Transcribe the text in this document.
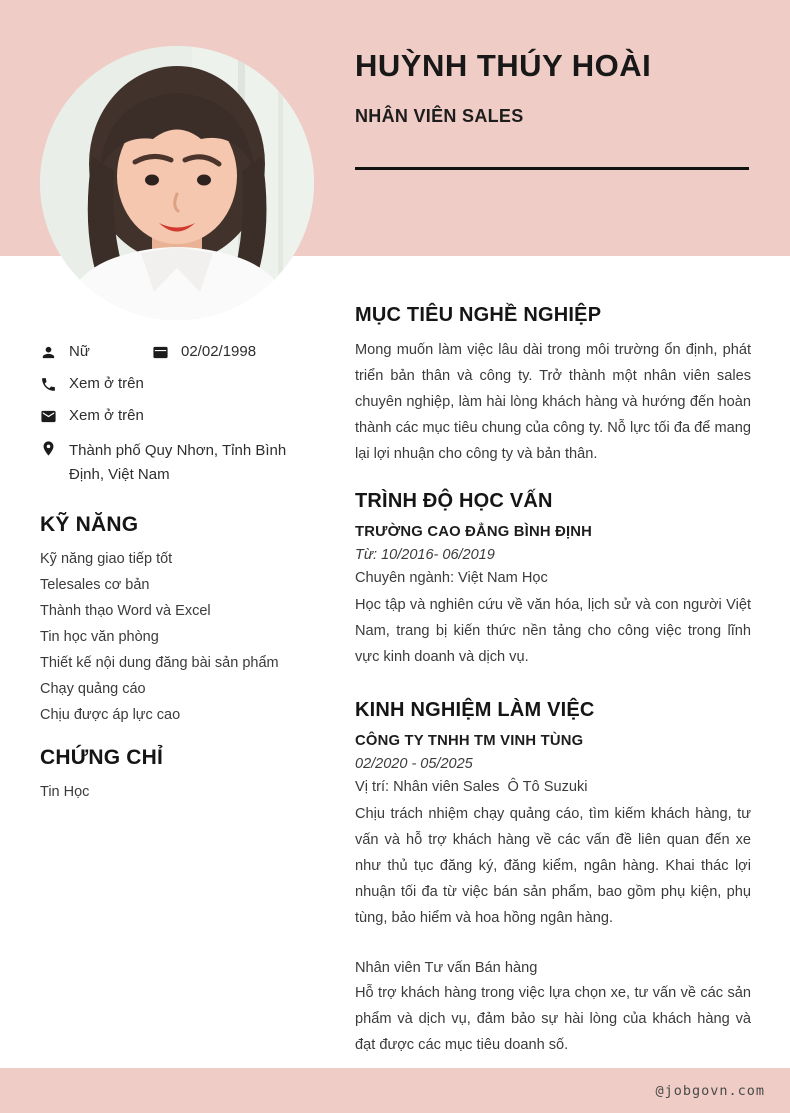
HUỲNH THÚY HOÀI
NHÂN VIÊN SALES
Nữ	02/02/1998
Xem ở trên
Xem ở trên
Thành phố Quy Nhơn, Tỉnh Bình Định, Việt Nam
KỸ NĂNG
Kỹ năng giao tiếp tốt
Telesales cơ bản
Thành thạo Word và Excel
Tin học văn phòng
Thiết kế nội dung đăng bài sản phẩm
Chạy quảng cáo
Chịu được áp lực cao
CHỨNG CHỈ
Tin Học
MỤC TIÊU NGHỀ NGHIỆP

Mong muốn làm việc lâu dài trong môi trường ổn định, phát triển bản thân và công ty. Trở thành một nhân viên sales chuyên nghiệp, làm hài lòng khách hàng và hướng đến hoàn thành các mục tiêu chung của công ty. Nỗ lực tối đa để mang lại lợi nhuận cho công ty và bản thân.

TRÌNH ĐỘ HỌC VẤN
TRƯỜNG CAO ĐẲNG BÌNH ĐỊNH
Từ: 10/2016- 06/2019
Chuyên ngành: Việt Nam Học

Học tập và nghiên cứu về văn hóa, lịch sử và con người Việt Nam, trang bị kiến thức nền tảng cho công việc trong lĩnh vực kinh doanh và dịch vụ.

KINH NGHIỆM LÀM VIỆC
CÔNG TY TNHH TM VINH TÙNG
02/2020 - 05/2025
Vị trí: Nhân viên Sales  Ô Tô Suzuki

Chịu trách nhiệm chạy quảng cáo, tìm kiếm khách hàng, tư vấn và hỗ trợ khách hàng về các vấn đề liên quan đến xe như thủ tục đăng ký, đăng kiểm, ngân hàng. Khai thác lợi nhuận tối đa từ việc bán sản phẩm, bao gồm phụ kiện, phụ tùng, bảo hiểm và hoa hồng ngân hàng.

Nhân viên Tư vấn Bán hàng

Hỗ trợ khách hàng trong việc lựa chọn xe, tư vấn về các sản phẩm và dịch vụ, đảm bảo sự hài lòng của khách hàng và đạt được các mục tiêu doanh số.

@jobgovn.com
